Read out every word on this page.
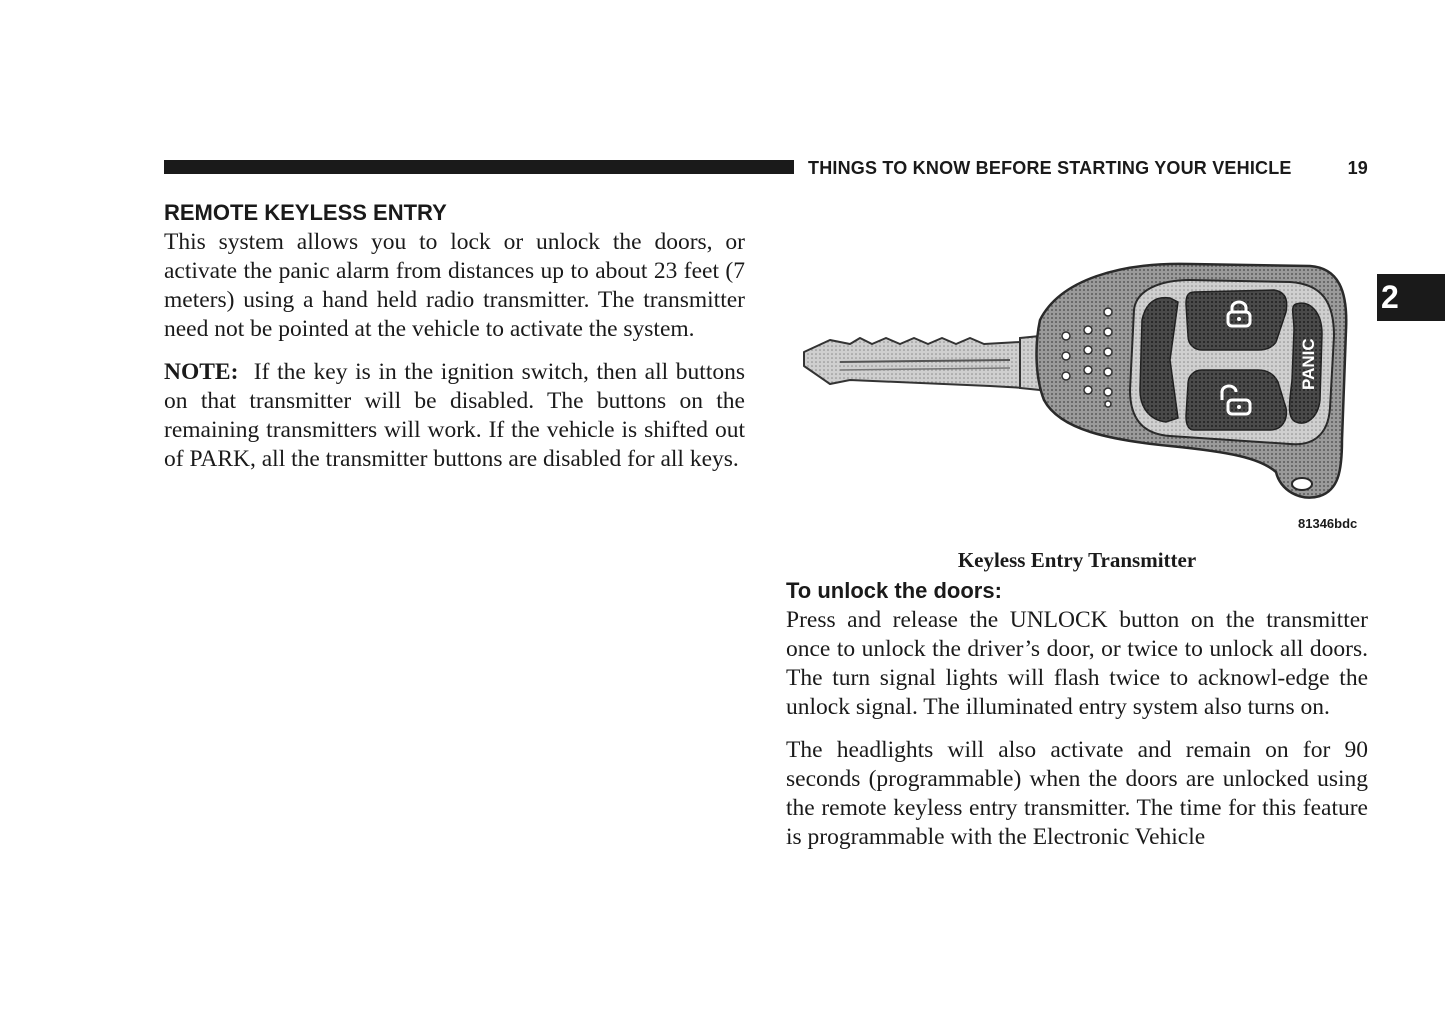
THINGS TO KNOW BEFORE STARTING YOUR VEHICLE	19
2
REMOTE KEYLESS ENTRY

This system allows you to lock or unlock the doors, or activate the panic alarm from distances up to about 23 feet (7 meters) using a hand held radio transmitter. The transmitter need not be pointed at the vehicle to activate the system.

NOTE: If the key is in the ignition switch, then all buttons on that transmitter will be disabled. The buttons on the remaining transmitters will work. If the vehicle is shifted out of PARK, all the transmitter buttons are disabled for all keys.

PANIC
81346bdc
Keyless Entry Transmitter
To unlock the doors:

Press and release the UNLOCK button on the transmitter once to unlock the driver’s door, or twice to unlock all doors. The turn signal lights will flash twice to acknowl-edge the unlock signal. The illuminated entry system also turns on.

The headlights will also activate and remain on for 90 seconds (programmable) when the doors are unlocked using the remote keyless entry transmitter. The time for this feature is programmable with the Electronic Vehicle
